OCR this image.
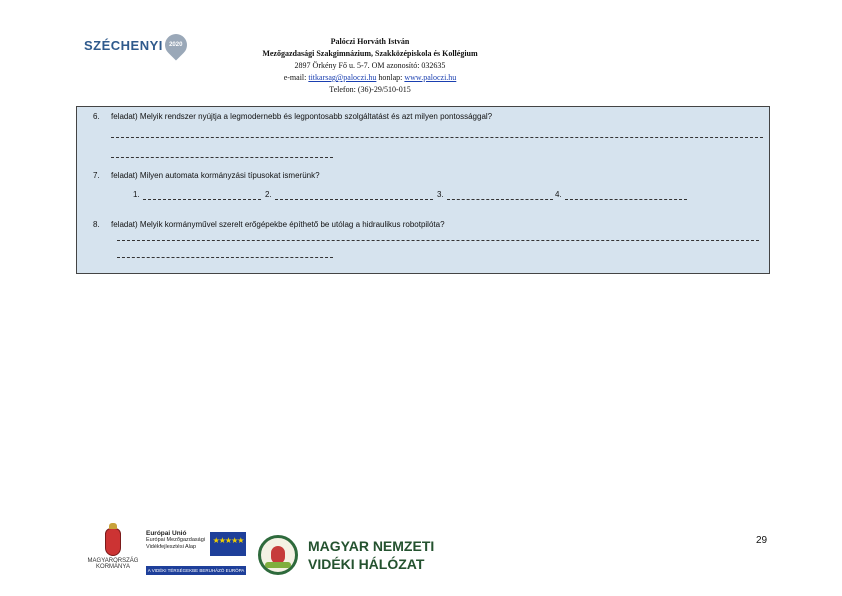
SZÉCHENYI 2020	Palóczi Horváth István
Mezőgazdasági Szakgimnázium, Szakközépiskola és Kollégium
2897 Örkény Fő u. 5-7. OM azonosító: 032635
e-mail: titkarsag@paloczi.hu honlap: www.paloczi.hu
Telefon: (36)-29/510-015
6. feladat) Melyik rendszer nyújtja a legmodernebb és legpontosabb szolgáltatást és azt milyen pontossággal?
7. feladat) Milyen automata kormányzási típusokat ismerünk?
1.	2.	3.	4.
8. feladat) Melyik kormányművel szerelt erőgépekbe építhető be utólag a hidraulikus robotpilóta?
MAGYARORSZÁG
KORMÁNYA
Európai Unió
Európai Mezőgazdasági
Vidékfejlesztési Alap
★★★★★
A VIDÉKI TÉRSÉGEKBE BERUHÁZÓ EURÓPA
MAGYAR NEMZETI
VIDÉKI HÁLÓZAT
29
